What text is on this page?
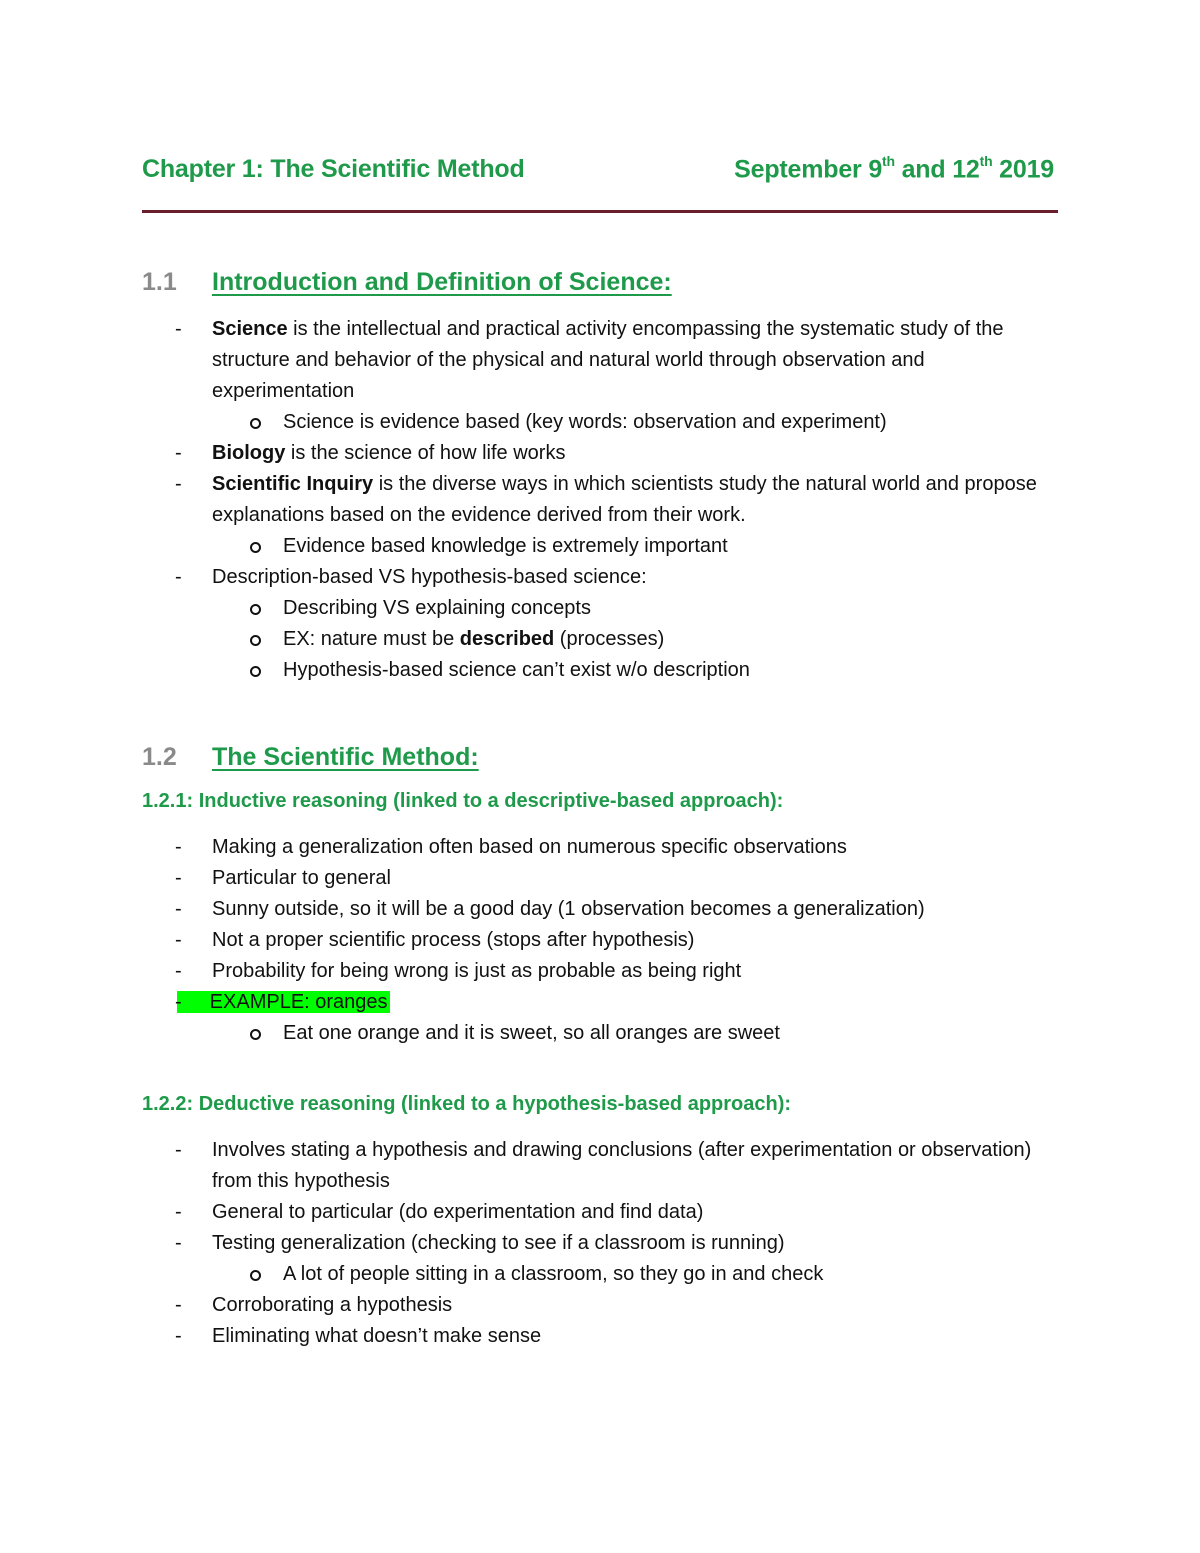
Chapter 1: The Scientific Method	September 9th and 12th 2019
1.1 Introduction and Definition of Science:
- Science is the intellectual and practical activity encompassing the systematic study of the structure and behavior of the physical and natural world through observation and experimentation
Science is evidence based (key words: observation and experiment)
- Biology is the science of how life works
- Scientific Inquiry is the diverse ways in which scientists study the natural world and propose explanations based on the evidence derived from their work.
Evidence based knowledge is extremely important
- Description-based VS hypothesis-based science:
Describing VS explaining concepts
EX: nature must be described (processes)
Hypothesis-based science can’t exist w/o description
1.2 The Scientific Method:
1.2.1: Inductive reasoning (linked to a descriptive-based approach):
- Making a generalization often based on numerous specific observations
- Particular to general
- Sunny outside, so it will be a good day (1 observation becomes a generalization)
- Not a proper scientific process (stops after hypothesis)
- Probability for being wrong is just as probable as being right
- EXAMPLE: oranges
Eat one orange and it is sweet, so all oranges are sweet
1.2.2: Deductive reasoning (linked to a hypothesis-based approach):
- Involves stating a hypothesis and drawing conclusions (after experimentation or observation) from this hypothesis
- General to particular (do experimentation and find data)
- Testing generalization (checking to see if a classroom is running)
A lot of people sitting in a classroom, so they go in and check
- Corroborating a hypothesis
- Eliminating what doesn’t make sense
